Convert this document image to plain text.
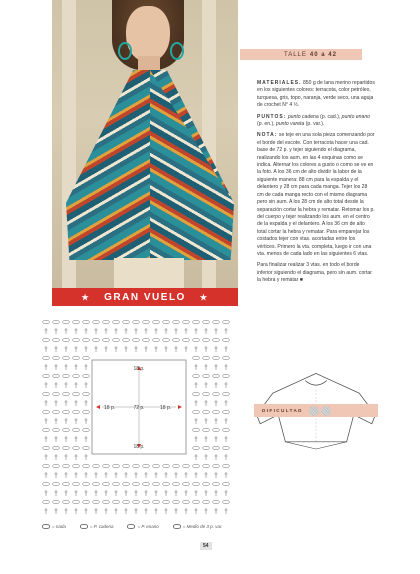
★ GRAN VUELO ★
TALLE 40 a 42

MATERIALES. 850 g de lana merino repartidos en los siguientes colores: terracota, color petróleo, turquesa, gris, topo, naranja, verde seco, una aguja de crochet N° 4 ½.

PUNTOS: punto cadena (p. cad.), punto enano (p. en.), punto vareta (p. var.).

NOTA: se teje en una sola pieza comenzando por el borde del escote. Con terracota hacer una cad. base de 72 p. y tejer siguiendo el diagrama, realizando los aum. en las 4 esquinas como se indica. Alternar los colores a gusto o como se ve en la foto. A los 36 cm de alto dividir la labor de la siguiente manera: 88 cm para la espalda y el delantero y 28 cm para cada manga. Tejer los 28 cm de cada manga recto con el mismo diagrama pero sin aum. A los 28 cm de alto total desde la separación cortar la hebra y rematar. Retomar los p. del cuerpo y tejer realizando los aum. en el centro de la espalda y el delantero. A los 36 cm de alto total cortar la hebra y rematar. Para emparejar los costados tejer con vtas. acortadas entre los vértices. Primero la vta. completa, luego ir con una vta. menos de cada lado en las siguientes 6 vtas.

Para finalizar realizar 3 vtas. en todo el borde inferior siguiendo el diagrama, pero sin aum. cortar la hebra y rematar ■

18 p.
72 p.
18 p.	18 p.
18 p.
= nada	= P. cadena	= P. enano	= Medio de 3 p. var.
DIFICULTAD
54
